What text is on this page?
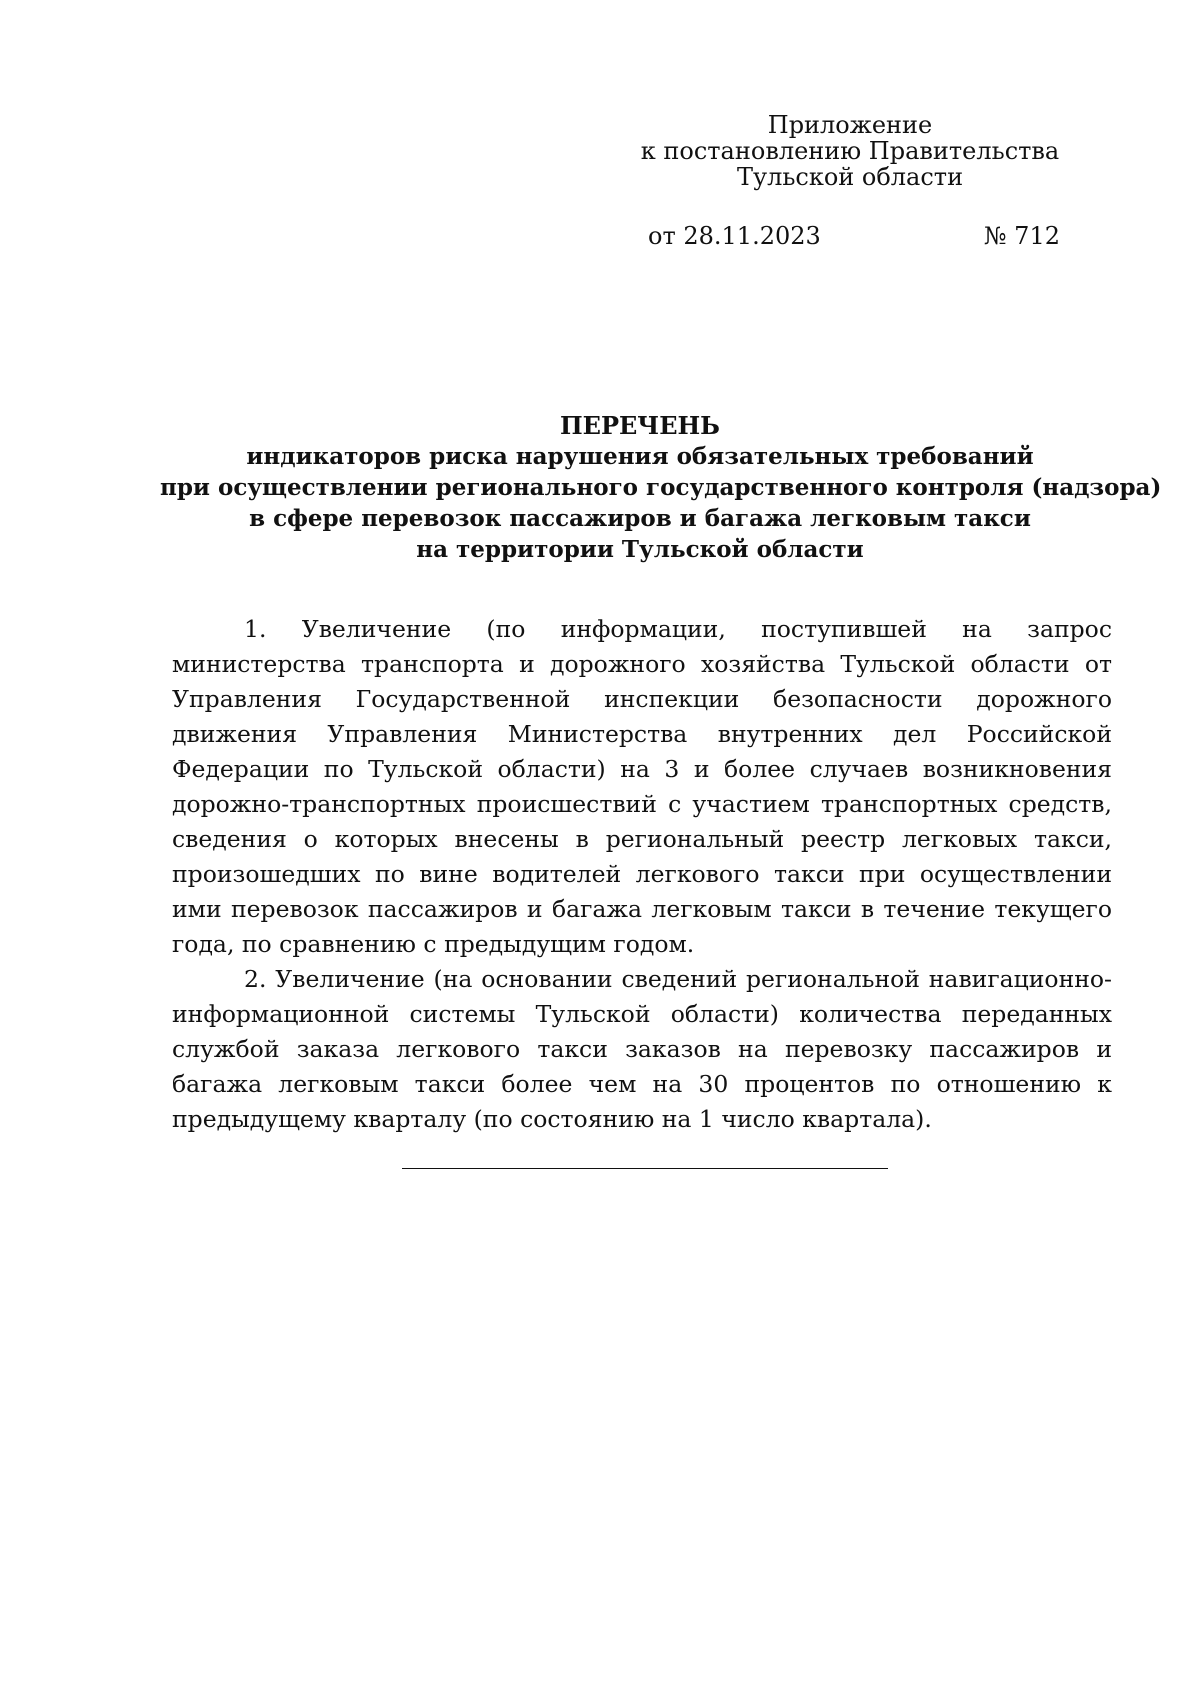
Приложение
к постановлению Правительства
Тульской области
от 28.11.2023	№ 712
ПЕРЕЧЕНЬ
индикаторов риска нарушения обязательных требований
при осуществлении регионального государственного контроля (надзора)
в сфере перевозок пассажиров и багажа легковым такси
на территории Тульской области

1. Увеличение (по информации, поступившей на запрос министерства транспорта и дорожного хозяйства Тульской области от Управления Государственной инспекции безопасности дорожного движения Управления Министерства внутренних дел Российской Федерации по Тульской области) на 3 и более случаев возникновения дорожно-транспортных происшествий с участием транспортных средств, сведения о которых внесены в региональный реестр легковых такси, произошедших по вине водителей легкового такси при осуществлении ими перевозок пассажиров и багажа легковым такси в течение текущего года, по сравнению с предыдущим годом.

2. Увеличение (на основании сведений региональной навигационно-информационной системы Тульской области) количества переданных службой заказа легкового такси заказов на перевозку пассажиров и багажа легковым такси более чем на 30 процентов по отношению к предыдущему кварталу (по состоянию на 1 число квартала).
